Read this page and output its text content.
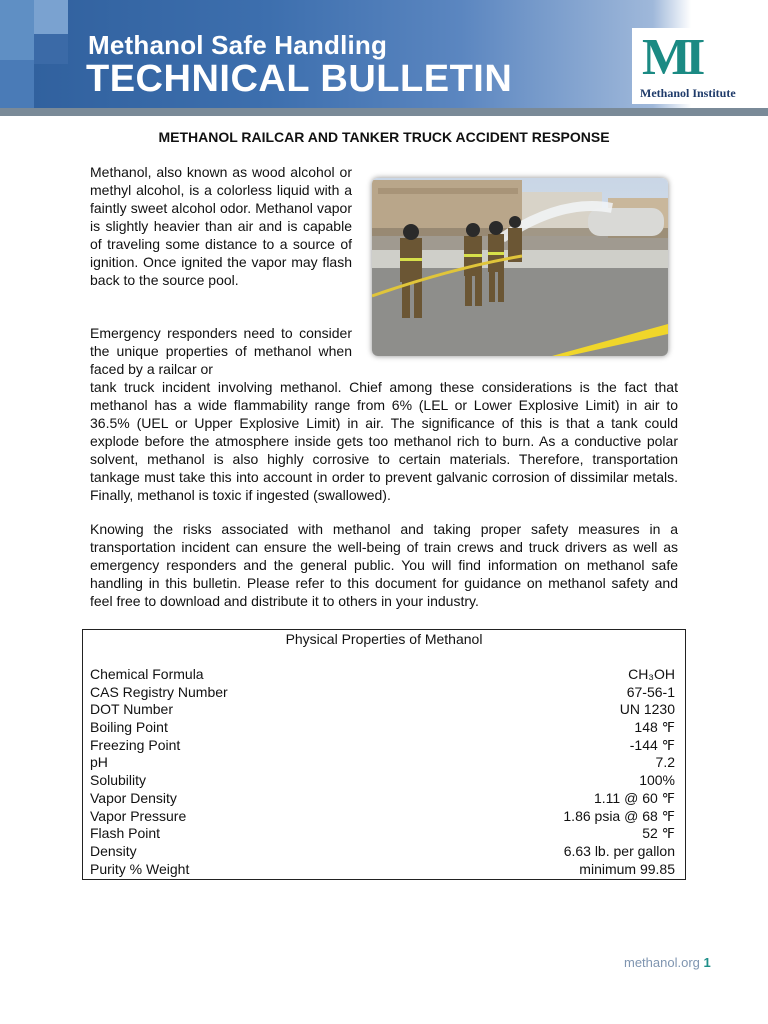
Methanol Safe Handling
TECHNICAL BULLETIN MI
Methanol Institute
METHANOL RAILCAR AND TANKER TRUCK ACCIDENT RESPONSE
Methanol, also known as wood alcohol or methyl alcohol, is a colorless liquid with a faintly sweet alcohol odor. Methanol vapor is slightly heavier than air and is capable of traveling some distance to a source of ignition. Once ignited the vapor may flash back to the source pool.
Emergency responders need to consider the unique properties of methanol when faced by a railcar or
tank truck incident involving methanol. Chief among these considerations is the fact that methanol has a wide flammability range from 6% (LEL or Lower Explosive Limit) in air to 36.5% (UEL or Upper Explosive Limit) in air. The significance of this is that a tank could explode before the atmosphere inside gets too methanol rich to burn. As a conductive polar solvent, methanol is also highly corrosive to certain materials. Therefore, transportation tankage must take this into account in order to prevent galvanic corrosion of dissimilar metals. Finally, methanol is toxic if ingested (swallowed).
Knowing the risks associated with methanol and taking proper safety measures in a transportation incident can ensure the well-being of train crews and truck drivers as well as emergency responders and the general public. You will find information on methanol safe handling in this bulletin. Please refer to this document for guidance on methanol safety and feel free to download and distribute it to others in your industry.
Physical Properties of Methanol
Chemical Formula	CH₃OH
CAS Registry Number	67-56-1
DOT Number	UN 1230
Boiling Point	148 ℉
Freezing Point	-144 ℉
pH	7.2
Solubility	100%
Vapor Density	1.11 @ 60 ℉
Vapor Pressure	1.86 psia @ 68 ℉
Flash Point	52 ℉
Density	6.63 lb. per gallon
Purity % Weight	minimum 99.85
methanol.org 1
